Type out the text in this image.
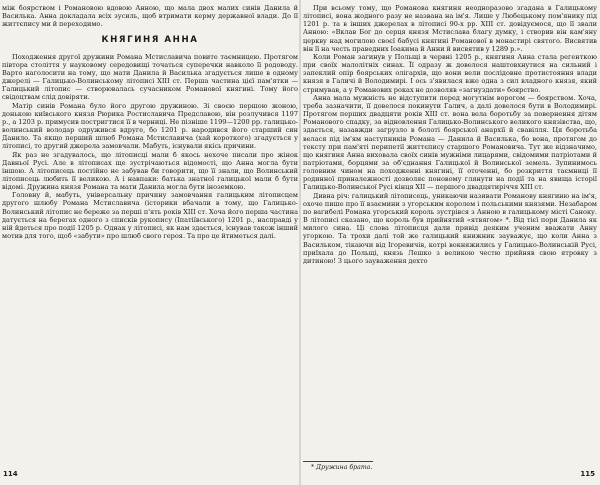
між боярством і Романовою вдовою Анною, що мала двох малих синів Данила й Василька. Анна докладала всіх зусиль, щоб втримати керму державної влади. До її життєпису ми й переходимо.

КНЯГИНЯ АННА

Походження другої дружини Романа Мстиславича повите таємницею. Протягом півтора століття у науковому середовищі точаться суперечки навколо її родоводу. Варто наголосити на тому, що мати Данила й Василька згадується лише в одному джерелі — Галицько-Волинському літописі XIII ст. Перша частина цієї пам'ятки — Галицький літопис — створювалась сучасником Романової княгині. Тому його свідоцтвам слід довіряти.

Матір синів Романа було його другою дружиною. Зі своєю першою жоною, донькою київського князя Рюрика Ростиславича Предславою, він розлучився 1197 р., а 1203 р. примусив постригтися її в черниці. Не пізніше 1199—1200 рр. галицько-волинський володар одружився вдруге, бо 1201 р. народився його старший син Данило. Та якщо перший шлюб Романа Мстиславича (хай короткого) згадується у літописі, то другий джерела замовчали. Мабуть, існували якісь причини.

Як раз не згадувалось, що літописці мали б якось нехоче писали про жінок Давньої Русі. Але в літописах ще зустрічаються відомості, що Анна могла бути іншою. А літописець постійно не забував би говорити, що її знали, що Волинський літописець любить її великою. А і навпаки: батька знатної галицької мали б бути відомі. Дружина князя Романа та мати Данила могла бути іноземкою.

Головну й, мабуть, універсальну причину замовчання галицьким літописцем другого шлюбу Романа Мстиславича (історики вбачали в тому, що Галицько-Волинський літопис не береже за перші п'ять років XIII ст. Хоча його перша частина датується на берегах одного з списків рукопису (Іпатіївського) 1201 р., насправді у ній йдеться про події 1205 р. Однак у літописі, як нам здається, існував також інший мотив для того, щоб «забути» про шлюб свого героя. Та про це йтиметься далі.

114

При всьому тому, що Романова княгиня неодноразово згадана в Галицькому літописі, вона жодного разу не названа на ім'я. Лише у Любецькому пом'янику під 1201 р. та в інших джерелах в літописі 90-х рр. XIII ст. довідуємося, що її звали Анною: «Вклав Бог до серця князя Мстислава благу думку, і створив він кам'яну церкву над могилою своєї бабусі княгині Романової в монастирі святого. Висвятив він її на честь праведних Іоакима й Анни й висвятив у 1289 р.».

Коли Роман загинув у Польщі в червні 1205 р., княгиня Анна стала регенткою при своїх малолітніх синах. Її одразу ж довелося наштовхнутися на сильний і запеклий опір боярських олігархів, що вони вели послідовне протистояння влади князя в Галичі й Володимирі. І ось з'явилася вже одна з сил владного князя, який стримував, а у Романових роках не дозволяв «загнуздати» боярство.

Анна мала мужність не відступити перед могутнім ворогом — боярством. Хоча, треба зазначити, її довелося покинути Галич, а далі довелося бути в Володимирі. Протягом перших двадцяти років XIII ст. вона вела боротьбу за повернення дітям Романового спадку, за відновлення Галицько-Волинського великого князівства, що, здається, назавжди загрузло в болоті боярської анархії й свавілля. Ця боротьба велася під ім'ям наступників Романа — Данила й Василька, бо вона, протягом до тексту при пам'яті перипетії життєпису старшого Романовича. Тут же відзначимо, що княгиня Анна виховала своїх синів мужніми лицарями, свідомими патріотами й патріотами, борцями за об'єднання Галицької й Волинської земель. Зупинимось головним чином на походженні княгині, її оточенні, бо розкриття таємниці її родинної приналежності дозволяє поновому глянути на події та на явища історії Галицько-Волинської Русі кінця XII — першого двадцятиріччя XIII ст.

Дивна річ: галицький літописець, уникаючи називати Романову княгиню на ім'я, охоче пише про її взаємини з угорським королем і польськими князями. Незабаром по вагибелі Романа угорський король зустрівся з Анною в галицькому місті Саноку. В літописі сказано, що король був прийнятий «ятвягом» *. Від тієї пори Данила як милого сина. Ці слова літописця дали привід деяким ученим вважати Анну угоркою. Та трохи далі той же галицький книжник зауважує, що коли Анна з Васильком, тікаючи від Ігоревичів, котрі вокняжились у Галицько-Волинській Русі, приїхала до Польщі, князь Лешко з великою честю прийняв свою ятровку з дитиною! З цього зауваження дехто

* Дружина брата.
115
